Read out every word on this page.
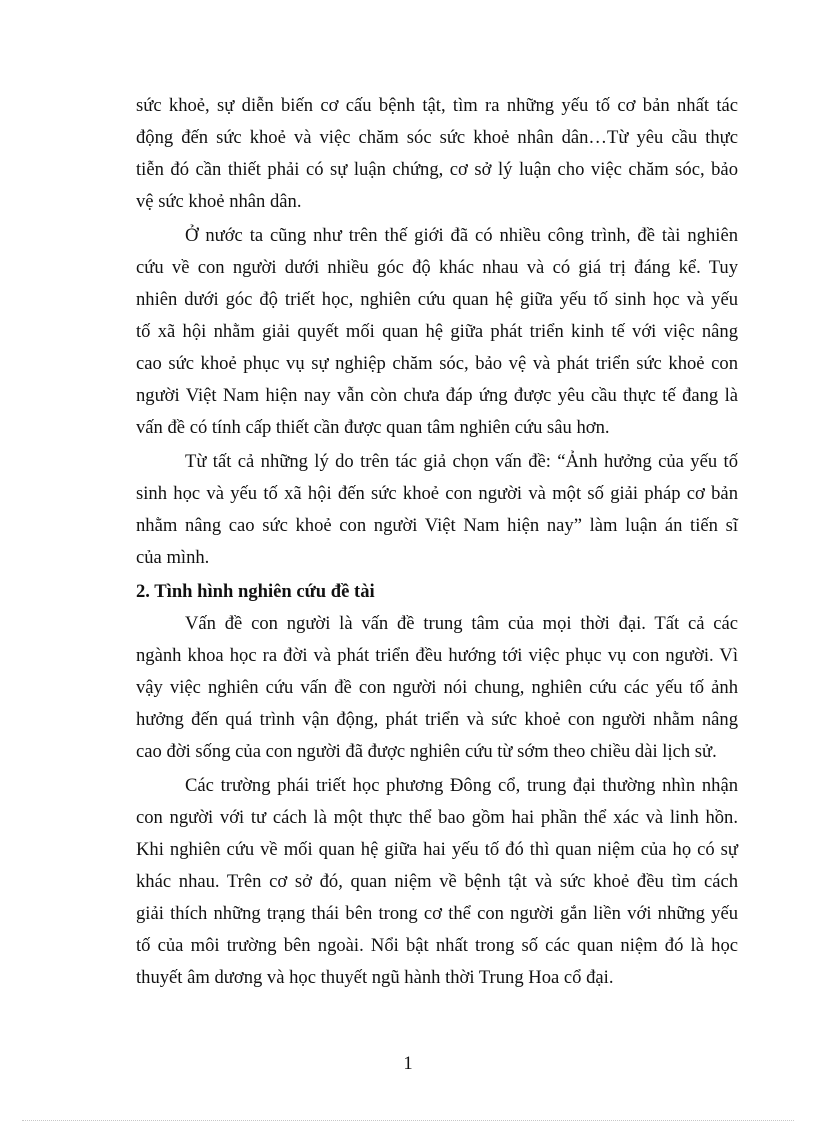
sức khoẻ, sự diễn biến cơ cấu bệnh tật, tìm ra những yếu tố cơ bản nhất tác
động đến sức khoẻ và việc chăm sóc sức khoẻ nhân dân…Từ yêu cầu thực
tiễn đó cần thiết phải có sự luận chứng, cơ sở lý luận cho việc chăm sóc, bảo
vệ sức khoẻ nhân dân.
Ở nước ta cũng như trên thế giới đã có nhiều công trình, đề tài nghiên
cứu về con người dưới nhiều góc độ khác nhau và có giá trị đáng kể. Tuy
nhiên dưới góc độ triết học, nghiên cứu quan hệ giữa yếu tố sinh học và yếu
tố xã hội nhằm giải quyết mối quan hệ giữa phát triển kinh tế với việc nâng
cao sức khoẻ phục vụ sự nghiệp chăm sóc, bảo vệ và phát triển sức khoẻ con
người Việt Nam hiện nay vẫn còn chưa đáp ứng được yêu cầu thực tế đang là
vấn đề có tính cấp thiết cần được quan tâm nghiên cứu sâu hơn.
Từ tất cả những lý do trên tác giả chọn vấn đề: “Ảnh hưởng của yếu tố
sinh học và yếu tố xã hội đến sức khoẻ con người và một số giải pháp cơ bản
nhằm nâng cao sức khoẻ con người Việt Nam hiện nay” làm luận án tiến sĩ
của mình.
2. Tình hình nghiên cứu đề tài
Vấn đề con người là vấn đề trung tâm của mọi thời đại. Tất cả các
ngành khoa học ra đời và phát triển đều hướng tới việc phục vụ con người. Vì
vậy việc nghiên cứu vấn đề con người nói chung, nghiên cứu các yếu tố ảnh
hưởng đến quá trình vận động, phát triển và sức khoẻ con người nhằm nâng
cao đời sống của con người đã được nghiên cứu từ sớm theo chiều dài lịch sử.
Các trường phái triết học phương Đông cổ, trung đại thường nhìn nhận
con người với tư cách là một thực thể bao gồm hai phần thể xác và linh hồn.
Khi nghiên cứu về mối quan hệ giữa hai yếu tố đó thì quan niệm của họ có sự
khác nhau. Trên cơ sở đó, quan niệm về bệnh tật và sức khoẻ đều tìm cách
giải thích những trạng thái bên trong cơ thể con người gắn liền với những yếu
tố của môi trường bên ngoài. Nổi bật nhất trong số các quan niệm đó là học
thuyết âm dương và học thuyết ngũ hành thời Trung Hoa cổ đại.
1
